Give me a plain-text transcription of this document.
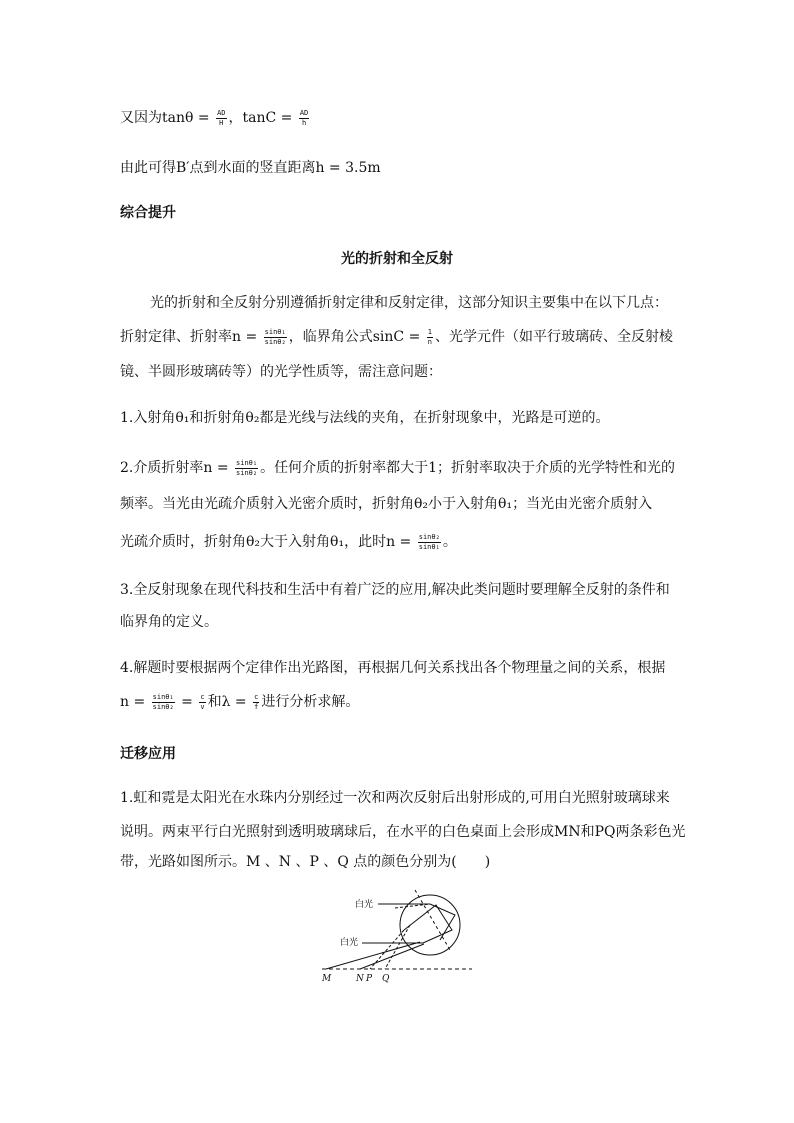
又因为$\tan\theta = \frac{AD}{H}$ ，$\tan C = \frac{AD}{h}$
由此可得B′点到水面的竖直距离h = 3.5m
综合提升
光的折射和全反射
光的折射和全反射分别遵循折射定律和反射定律，这部分知识主要集中在以下几点：
折射定律、折射率$n = \frac{\text{sinθ₁}}{\text{sinθ₂}}$ ，临界角公式$\sin C = \frac{1}{n}$ 、光学元件（如平行玻璃砖、全反射棱
镜、半圆形玻璃砖等）的光学性质等，需注意问题：
1.入射角θ₁和折射角θ₂都是光线与法线的夹角，在折射现象中，光路是可逆的。
2.介质折射率$n = \frac{\text{sinθ₁}}{\text{sinθ₂}}$ 。任何介质的折射率都大于1；折射率取决于介质的光学特性和光的
频率。当光由光疏介质射入光密介质时，折射角θ₂小于入射角θ₁；当光由光密介质射入
光疏介质时，折射角θ₂大于入射角θ₁，此时$n = \frac{\text{sinθ₂}}{\text{sinθ₁}}$ 。
3.全反射现象在现代科技和生活中有着广泛的应用,解决此类问题时要理解全反射的条件和
临界角的定义。
4.解题时要根据两个定律作出光路图，再根据几何关系找出各个物理量之间的关系，根据
$n = \frac{\text{sinθ₁}}{\text{sinθ₂}} = \frac{c}{v}$ 和$\lambda = \frac{c}{f}$ 进行分析求解。
迁移应用
1.虹和霓是太阳光在水珠内分别经过一次和两次反射后出射形成的,可用白光照射玻璃球来
说明。两束平行白光照射到透明玻璃球后，在水平的白色桌面上会形成MN和PQ两条彩色光
带，光路如图所示。M 、N 、P 、Q 点的颜色分别为(　　)
白光
白光
M	N P Q
